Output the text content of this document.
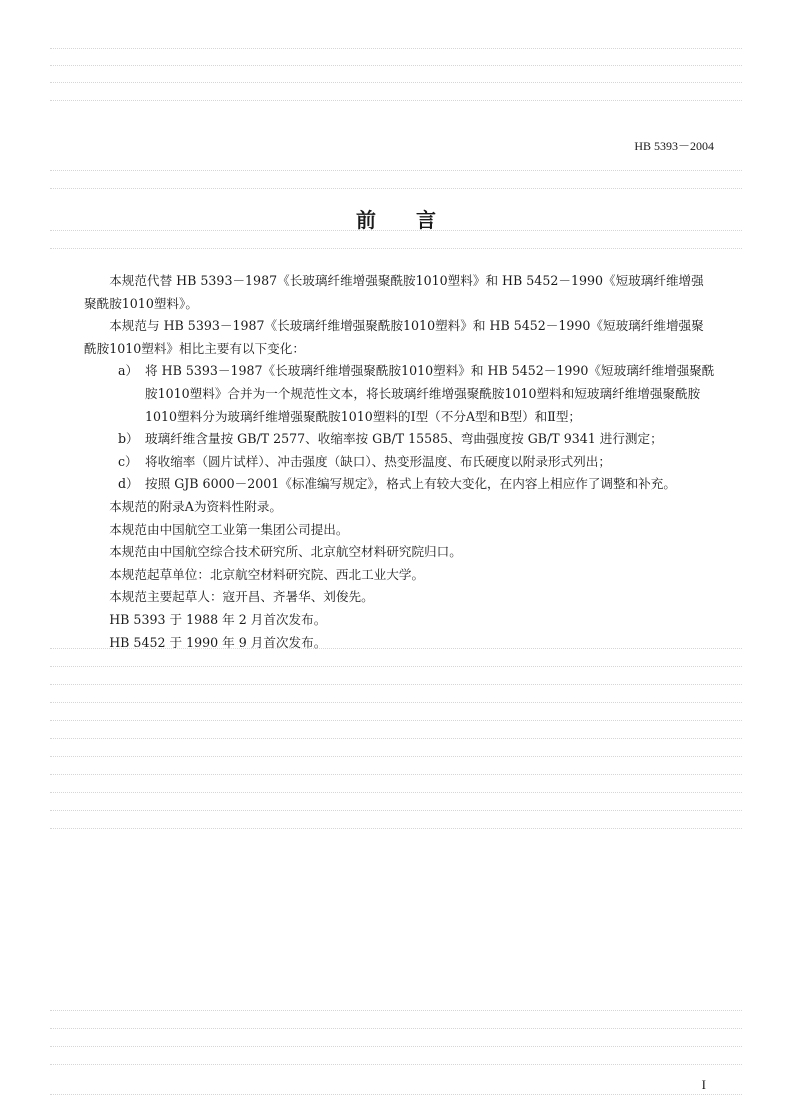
HB 5393－2004
前言

本规范代替 HB 5393－1987《长玻璃纤维增强聚酰胺1010塑料》和 HB 5452－1990《短玻璃纤维增强聚酰胺1010塑料》。

本规范与 HB 5393－1987《长玻璃纤维增强聚酰胺1010塑料》和 HB 5452－1990《短玻璃纤维增强聚酰胺1010塑料》相比主要有以下变化：

a） 将 HB 5393－1987《长玻璃纤维增强聚酰胺1010塑料》和 HB 5452－1990《短玻璃纤维增强聚酰胺1010塑料》合并为一个规范性文本，将长玻璃纤维增强聚酰胺1010塑料和短玻璃纤维增强聚酰胺1010塑料分为玻璃纤维增强聚酰胺1010塑料的Ⅰ型（不分A型和B型）和Ⅱ型；

b） 玻璃纤维含量按 GB/T 2577、收缩率按 GB/T 15585、弯曲强度按 GB/T 9341 进行测定；

c） 将收缩率（圆片试样）、冲击强度（缺口）、热变形温度、布氏硬度以附录形式列出；

d） 按照 GJB 6000－2001《标准编写规定》，格式上有较大变化，在内容上相应作了调整和补充。

本规范的附录A为资料性附录。

本规范由中国航空工业第一集团公司提出。

本规范由中国航空综合技术研究所、北京航空材料研究院归口。

本规范起草单位：北京航空材料研究院、西北工业大学。

本规范主要起草人：寇开昌、齐暑华、刘俊先。

HB 5393 于 1988 年 2 月首次发布。

HB 5452 于 1990 年 9 月首次发布。

I
